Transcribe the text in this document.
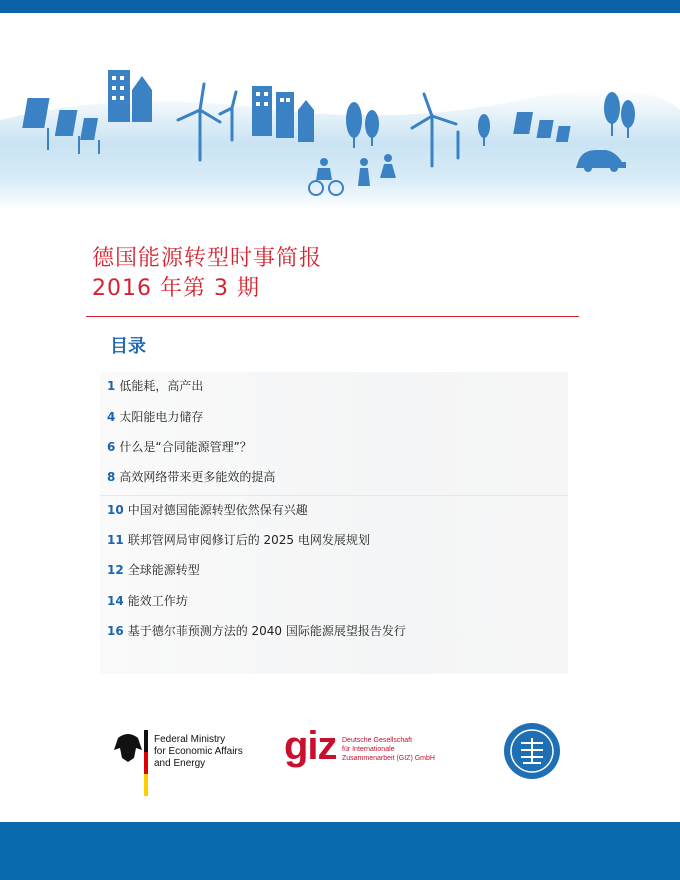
德国能源转型时事简报
2016 年第 3 期
目录
1 低能耗，高产出
4 太阳能电力储存
6 什么是“合同能源管理”？
8 高效网络带来更多能效的提高
10 中国对德国能源转型依然保有兴趣
11 联邦管网局审阅修订后的 2025 电网发展规划
12 全球能源转型
14 能效工作坊
16 基于德尔菲预测方法的 2040 国际能源展望报告发行
Federal Ministry
for Economic Affairs
and Energy	giz Deutsche Gesellschaft
für Internationale
Zusammenarbeit (GIZ) GmbH
